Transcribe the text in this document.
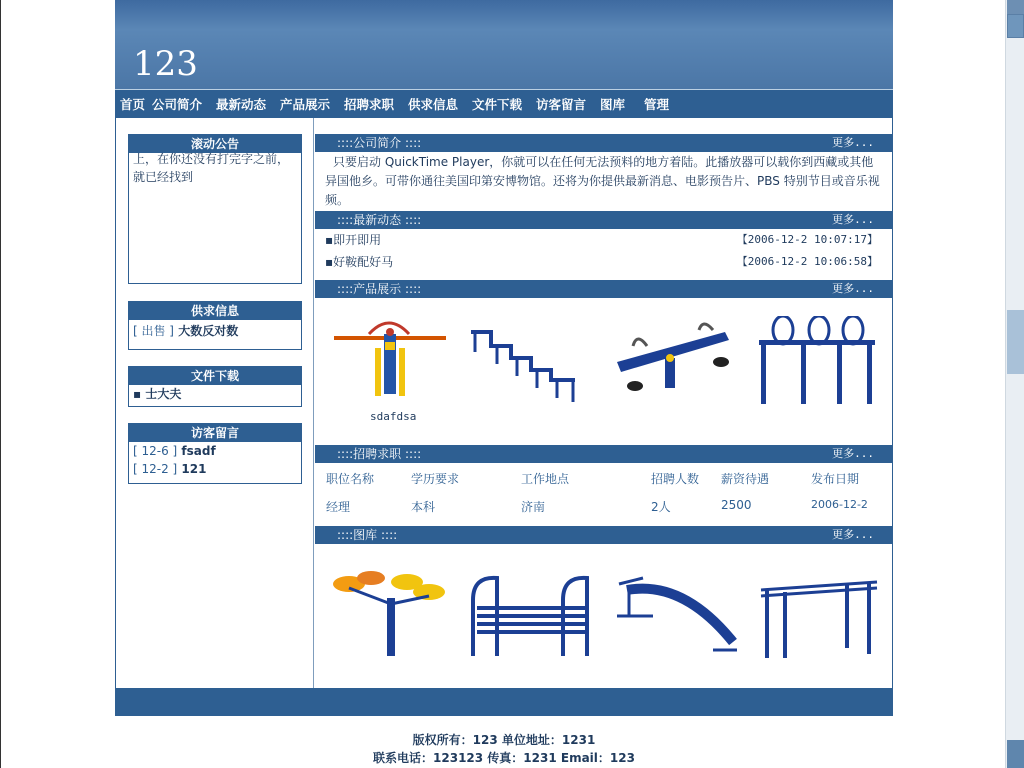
123
首页 公司简介 最新动态 产品展示 招聘求职 供求信息 文件下载 访客留言 图库 管理
滚动公告
上，在你还没有打完字之前，就已经找到
供求信息
[ 出售 ] 大数反对数
文件下载
▪ 士大夫
访客留言
[ 12-6 ] fsadf
[ 12-2 ] 121
::::公司简介 ::::	更多...
只要启动 QuickTime Player，你就可以在任何无法预料的地方着陆。此播放器可以载你到西藏或其他异国他乡。可带你通往美国印第安博物馆。还将为你提供最新消息、电影预告片、PBS 特别节目或音乐视频。
::::最新动态 ::::	更多...
▪即开即用	【2006-12-2 10:07:17】
▪好鞍配好马	【2006-12-2 10:06:58】
::::产品展示 ::::	更多...
sdafdsa
::::招聘求职 ::::	更多...
职位名称	学历要求	工作地点	招聘人数 薪资待遇	发布日期
经理	本科	济南	2人	2500	2006-12-2
::::图库 ::::	更多...
版权所有：123 单位地址：1231
联系电话：123123 传真：1231 Email：123
